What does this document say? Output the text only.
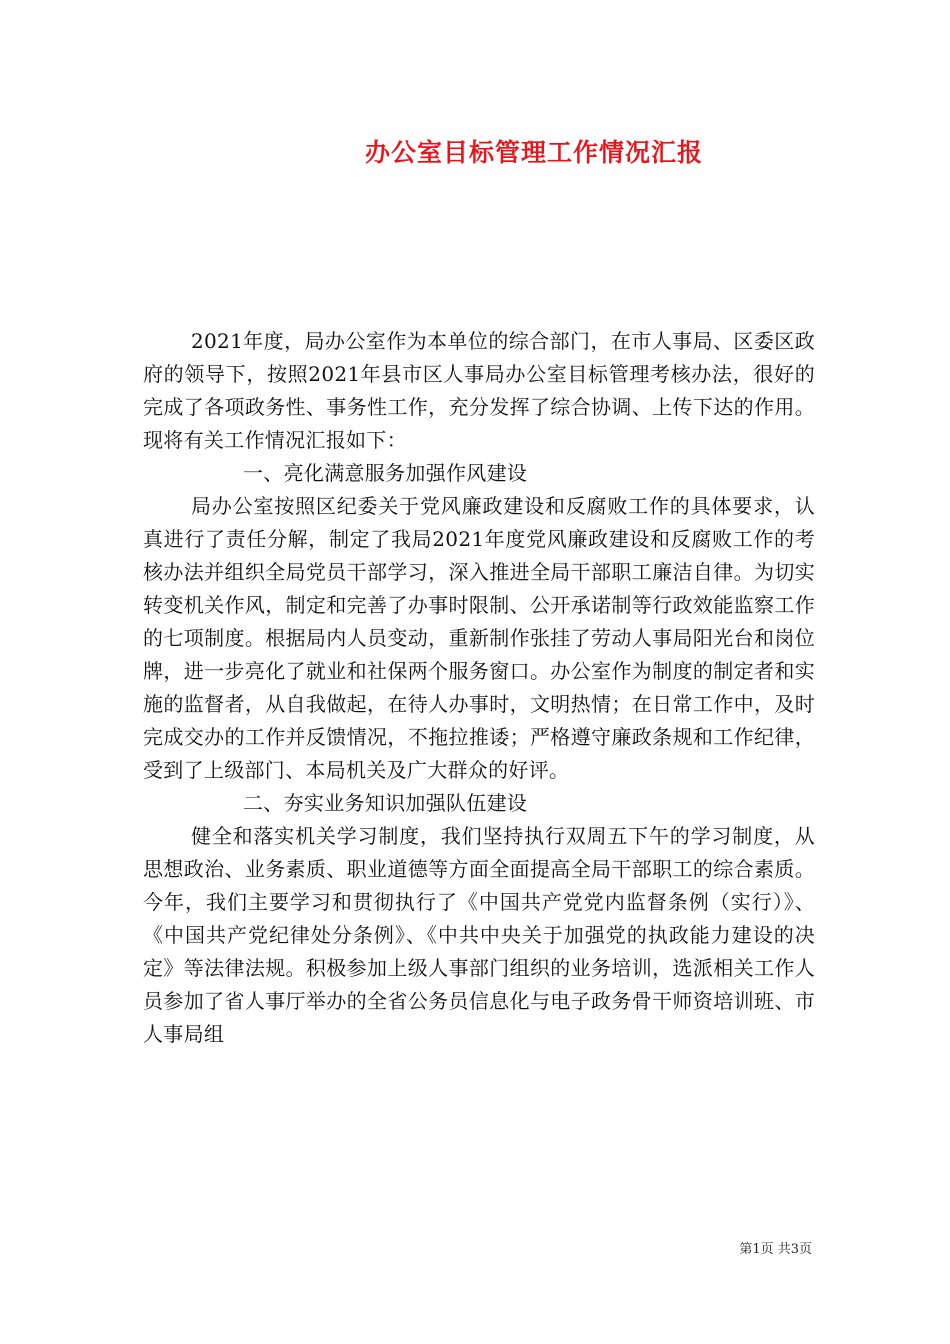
办公室目标管理工作情况汇报

2021年度，局办公室作为本单位的综合部门，在市人事局、区委区政府的领导下，按照2021年县市区人事局办公室目标管理考核办法，很好的完成了各项政务性、事务性工作，充分发挥了综合协调、上传下达的作用。现将有关工作情况汇报如下：

一、亮化满意服务加强作风建设

局办公室按照区纪委关于党风廉政建设和反腐败工作的具体要求，认真进行了责任分解，制定了我局2021年度党风廉政建设和反腐败工作的考核办法并组织全局党员干部学习，深入推进全局干部职工廉洁自律。为切实转变机关作风，制定和完善了办事时限制、公开承诺制等行政效能监察工作的七项制度。根据局内人员变动，重新制作张挂了劳动人事局阳光台和岗位牌，进一步亮化了就业和社保两个服务窗口。办公室作为制度的制定者和实施的监督者，从自我做起，在待人办事时，文明热情；在日常工作中，及时完成交办的工作并反馈情况，不拖拉推诿；严格遵守廉政条规和工作纪律，受到了上级部门、本局机关及广大群众的好评。

二、夯实业务知识加强队伍建设

健全和落实机关学习制度，我们坚持执行双周五下午的学习制度，从思想政治、业务素质、职业道德等方面全面提高全局干部职工的综合素质。今年，我们主要学习和贯彻执行了《中国共产党党内监督条例（实行）》、《中国共产党纪律处分条例》、《中共中央关于加强党的执政能力建设的决定》等法律法规。积极参加上级人事部门组织的业务培训，选派相关工作人员参加了省人事厅举办的全省公务员信息化与电子政务骨干师资培训班、市人事局组

第1页 共3页
